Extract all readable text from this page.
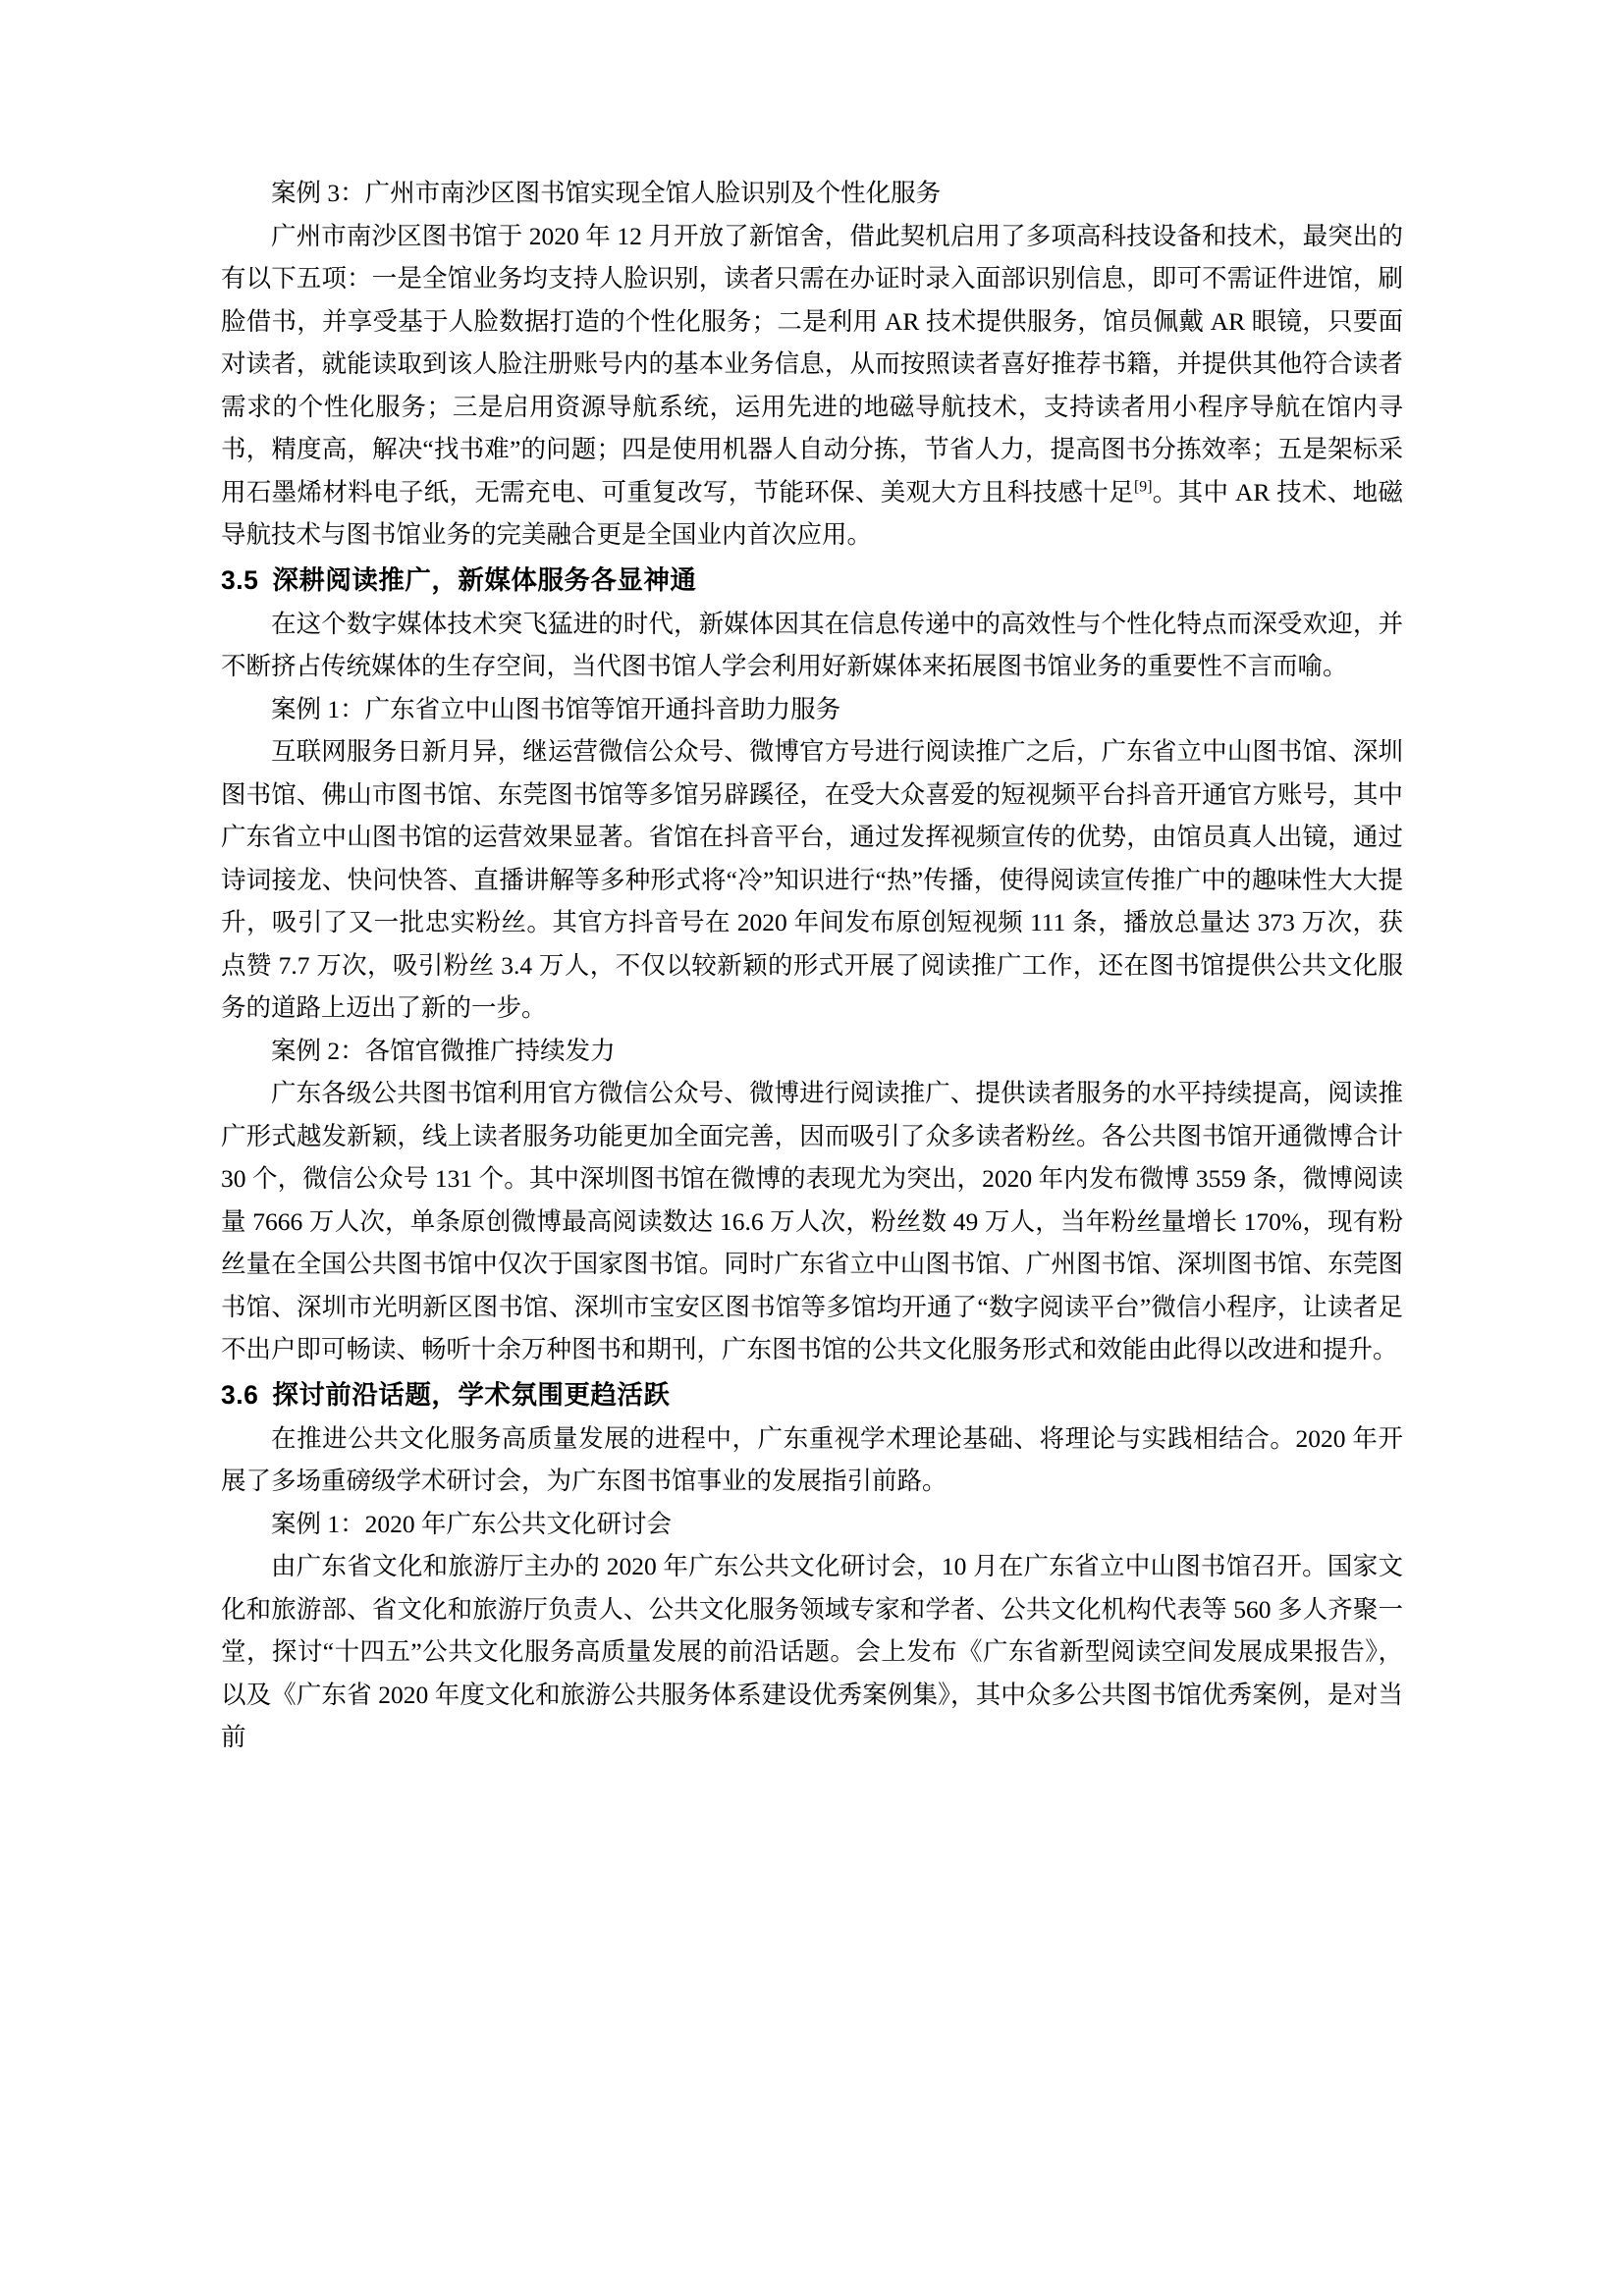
案例 3：广州市南沙区图书馆实现全馆人脸识别及个性化服务

广州市南沙区图书馆于 2020 年 12 月开放了新馆舍，借此契机启用了多项高科技设备和技术，最突出的有以下五项：一是全馆业务均支持人脸识别，读者只需在办证时录入面部识别信息，即可不需证件进馆，刷脸借书，并享受基于人脸数据打造的个性化服务；二是利用 AR 技术提供服务，馆员佩戴 AR 眼镜，只要面对读者，就能读取到该人脸注册账号内的基本业务信息，从而按照读者喜好推荐书籍，并提供其他符合读者需求的个性化服务；三是启用资源导航系统，运用先进的地磁导航技术，支持读者用小程序导航在馆内寻书，精度高，解决“找书难”的问题；四是使用机器人自动分拣，节省人力，提高图书分拣效率；五是架标采用石墨烯材料电子纸，无需充电、可重复改写，节能环保、美观大方且科技感十足[9]。其中 AR 技术、地磁导航技术与图书馆业务的完美融合更是全国业内首次应用。

3.5 深耕阅读推广，新媒体服务各显神通

在这个数字媒体技术突飞猛进的时代，新媒体因其在信息传递中的高效性与个性化特点而深受欢迎，并不断挤占传统媒体的生存空间，当代图书馆人学会利用好新媒体来拓展图书馆业务的重要性不言而喻。

案例 1：广东省立中山图书馆等馆开通抖音助力服务

互联网服务日新月异，继运营微信公众号、微博官方号进行阅读推广之后，广东省立中山图书馆、深圳图书馆、佛山市图书馆、东莞图书馆等多馆另辟蹊径，在受大众喜爱的短视频平台抖音开通官方账号，其中广东省立中山图书馆的运营效果显著。省馆在抖音平台，通过发挥视频宣传的优势，由馆员真人出镜，通过诗词接龙、快问快答、直播讲解等多种形式将“冷”知识进行“热”传播，使得阅读宣传推广中的趣味性大大提升，吸引了又一批忠实粉丝。其官方抖音号在 2020 年间发布原创短视频 111 条，播放总量达 373 万次，获点赞 7.7 万次，吸引粉丝 3.4 万人，不仅以较新颖的形式开展了阅读推广工作，还在图书馆提供公共文化服务的道路上迈出了新的一步。

案例 2：各馆官微推广持续发力

广东各级公共图书馆利用官方微信公众号、微博进行阅读推广、提供读者服务的水平持续提高，阅读推广形式越发新颖，线上读者服务功能更加全面完善，因而吸引了众多读者粉丝。各公共图书馆开通微博合计 30 个，微信公众号 131 个。其中深圳图书馆在微博的表现尤为突出，2020 年内发布微博 3559 条，微博阅读量 7666 万人次，单条原创微博最高阅读数达 16.6 万人次，粉丝数 49 万人，当年粉丝量增长 170%，现有粉丝量在全国公共图书馆中仅次于国家图书馆。同时广东省立中山图书馆、广州图书馆、深圳图书馆、东莞图书馆、深圳市光明新区图书馆、深圳市宝安区图书馆等多馆均开通了“数字阅读平台”微信小程序，让读者足不出户即可畅读、畅听十余万种图书和期刊，广东图书馆的公共文化服务形式和效能由此得以改进和提升。

3.6 探讨前沿话题，学术氛围更趋活跃

在推进公共文化服务高质量发展的进程中，广东重视学术理论基础、将理论与实践相结合。2020 年开展了多场重磅级学术研讨会，为广东图书馆事业的发展指引前路。

案例 1：2020 年广东公共文化研讨会

由广东省文化和旅游厅主办的 2020 年广东公共文化研讨会，10 月在广东省立中山图书馆召开。国家文化和旅游部、省文化和旅游厅负责人、公共文化服务领域专家和学者、公共文化机构代表等 560 多人齐聚一堂，探讨“十四五”公共文化服务高质量发展的前沿话题。会上发布《广东省新型阅读空间发展成果报告》，以及《广东省 2020 年度文化和旅游公共服务体系建设优秀案例集》，其中众多公共图书馆优秀案例，是对当前
